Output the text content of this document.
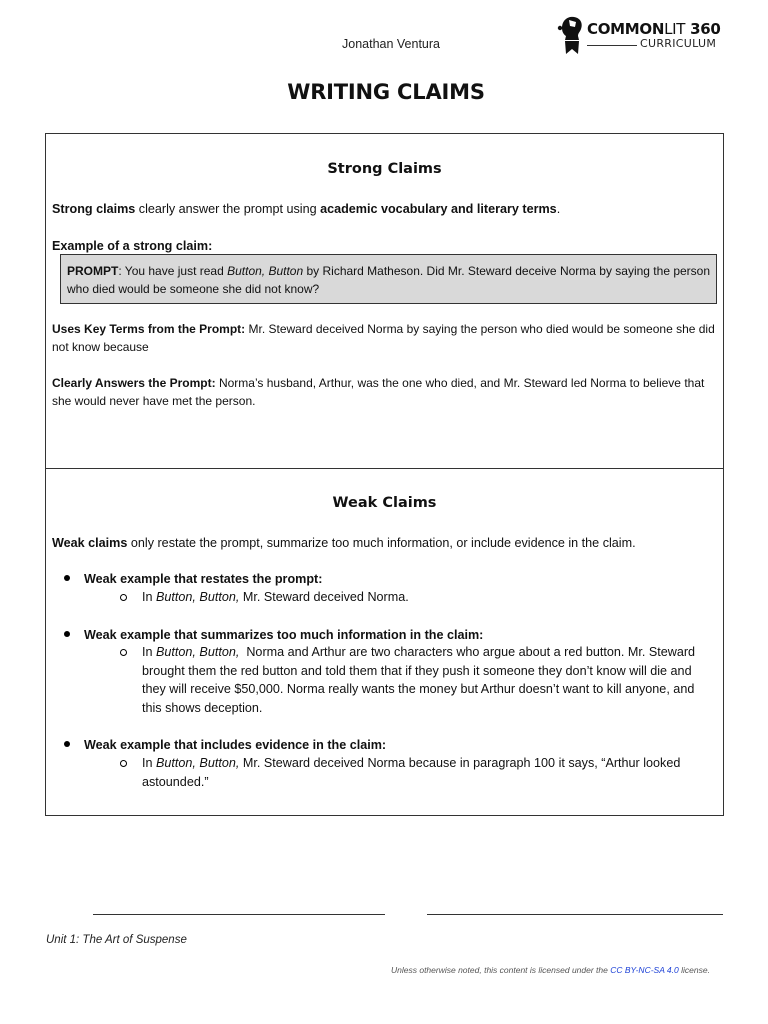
Jonathan Ventura
COMMONLIT 360
CURRICULUM
WRITING CLAIMS
Strong Claims
Strong claims clearly answer the prompt using academic vocabulary and literary terms.
Example of a strong claim:
PROMPT: You have just read Button, Button by Richard Matheson. Did Mr. Steward deceive Norma by saying the person who died would be someone she did not know?
Uses Key Terms from the Prompt: Mr. Steward deceived Norma by saying the person who died would be someone she did not know because
Clearly Answers the Prompt: Norma’s husband, Arthur, was the one who died, and Mr. Steward led Norma to believe that she would never have met the person.
Weak Claims
Weak claims only restate the prompt, summarize too much information, or include evidence in the claim.
Weak example that restates the prompt:
In Button, Button, Mr. Steward deceived Norma.
Weak example that summarizes too much information in the claim:
In Button, Button,  Norma and Arthur are two characters who argue about a red button. Mr. Steward brought them the red button and told them that if they push it someone they don’t know will die and they will receive $50,000. Norma really wants the money but Arthur doesn’t want to kill anyone, and this shows deception.
Weak example that includes evidence in the claim:
In Button, Button, Mr. Steward deceived Norma because in paragraph 100 it says, “Arthur looked astounded.”
Unit 1: The Art of Suspense
Unless otherwise noted, this content is licensed under the CC BY-NC-SA 4.0 license.
